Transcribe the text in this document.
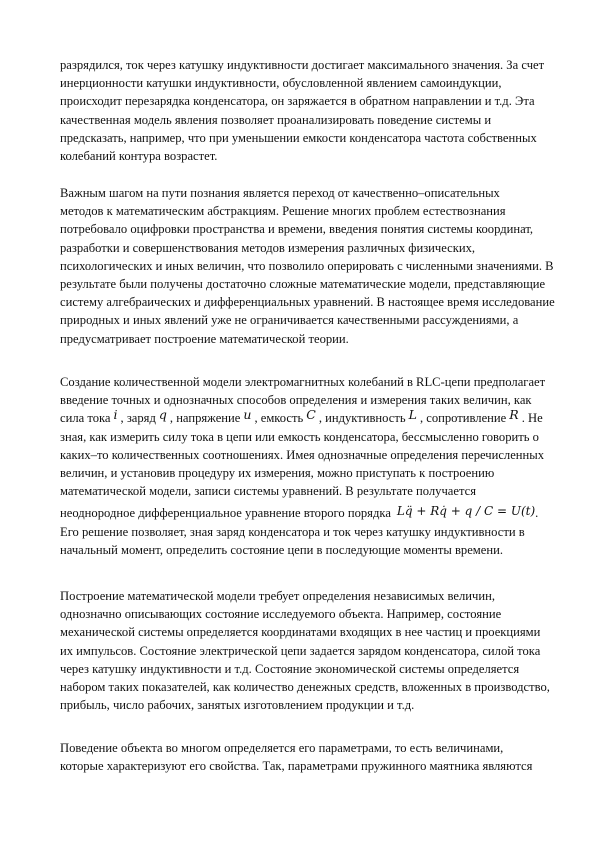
разрядился, ток через катушку индуктивности достигает максимального значения. За счет
инерционности катушки индуктивности, обусловленной явлением самоиндукции,
происходит перезарядка конденсатора, он заряжается в обратном направлении и т.д. Эта
качественная модель явления позволяет проанализировать поведение системы и
предсказать, например, что при уменьшении емкости конденсатора частота собственных
колебаний контура возрастет.
Важным шагом на пути познания является переход от качественно–описательных
методов к математическим абстракциям. Решение многих проблем естествознания
потребовало оцифровки пространства и времени, введения понятия системы координат,
разработки и совершенствования методов измерения различных физических,
психологических и иных величин, что позволило оперировать с численными значениями. В
результате были получены достаточно сложные математические модели, представляющие
систему алгебраических и дифференциальных уравнений. В настоящее время исследование
природных и иных явлений уже не ограничивается качественными рассуждениями, а
предусматривает построение математической теории.
Создание количественной модели электромагнитных колебаний в RLC-цепи предполагает
введение точных и однозначных способов определения и измерения таких величин, как
сила тока i , заряд q , напряжение u , емкость C , индуктивность L , сопротивление R . Не
зная, как измерить силу тока в цепи или емкость конденсатора, бессмысленно говорить о
каких–то количественных соотношениях. Имея однозначные определения перечисленных
величин, и установив процедуру их измерения, можно приступать к построению
математической модели, записи системы уравнений. В результате получается
неоднородное дифференциальное уравнение второго порядка Lq̈ + Rq̇ + q / C = U(t).
Его решение позволяет, зная заряд конденсатора и ток через катушку индуктивности в
начальный момент, определить состояние цепи в последующие моменты времени.
Построение математической модели требует определения независимых величин,
однозначно описывающих состояние исследуемого объекта. Например, состояние
механической системы определяется координатами входящих в нее частиц и проекциями
их импульсов. Состояние электрической цепи задается зарядом конденсатора, силой тока
через катушку индуктивности и т.д. Состояние экономической системы определяется
набором таких показателей, как количество денежных средств, вложенных в производство,
прибыль, число рабочих, занятых изготовлением продукции и т.д.
Поведение объекта во многом определяется его параметрами, то есть величинами,
которые характеризуют его свойства. Так, параметрами пружинного маятника являются
